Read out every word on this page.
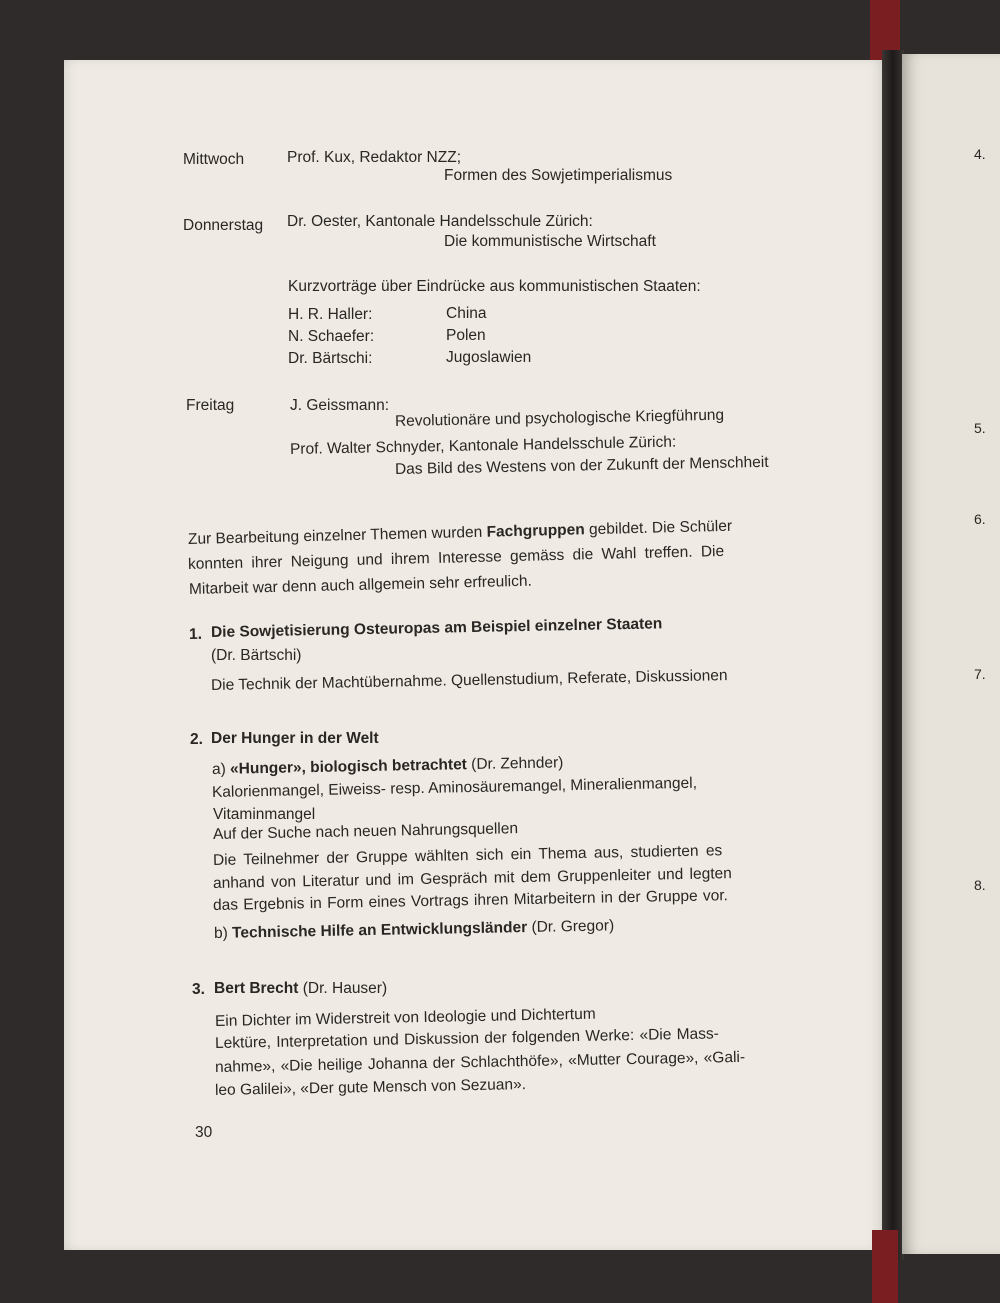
Mittwoch	Prof. Kux, Redaktor NZZ;
Formen des Sowjetimperialismus
Donnerstag Dr. Oester, Kantonale Handelsschule Zürich:
Die kommunistische Wirtschaft
Kurzvorträge über Eindrücke aus kommunistischen Staaten:
H. R. Haller:	China
N. Schaefer:	Polen
Dr. Bärtschi:	Jugoslawien
Freitag	J. Geissmann:
Revolutionäre und psychologische Kriegführung
Prof. Walter Schnyder, Kantonale Handelsschule Zürich:
Das Bild des Westens von der Zukunft der Menschheit
Zur Bearbeitung einzelner Themen wurden Fachgruppen gebildet. Die Schüler
konnten ihrer Neigung und ihrem Interesse gemäss die Wahl treffen. Die
Mitarbeit war denn auch allgemein sehr erfreulich.
1. Die Sowjetisierung Osteuropas am Beispiel einzelner Staaten
(Dr. Bärtschi)
Die Technik der Machtübernahme. Quellenstudium, Referate, Diskussionen
2. Der Hunger in der Welt
a) «Hunger», biologisch betrachtet (Dr. Zehnder)
Kalorienmangel, Eiweiss- resp. Aminosäuremangel, Mineralienmangel,
Vitaminmangel
Auf der Suche nach neuen Nahrungsquellen
Die Teilnehmer der Gruppe wählten sich ein Thema aus, studierten es
anhand von Literatur und im Gespräch mit dem Gruppenleiter und legten
das Ergebnis in Form eines Vortrags ihren Mitarbeitern in der Gruppe vor.
b) Technische Hilfe an Entwicklungsländer (Dr. Gregor)
3. Bert Brecht (Dr. Hauser)
Ein Dichter im Widerstreit von Ideologie und Dichtertum
Lektüre, Interpretation und Diskussion der folgenden Werke: «Die Mass-
nahme», «Die heilige Johanna der Schlachthöfe», «Mutter Courage», «Gali-
leo Galilei», «Der gute Mensch von Sezuan».
30
4.
5.
6.
7.
8.
